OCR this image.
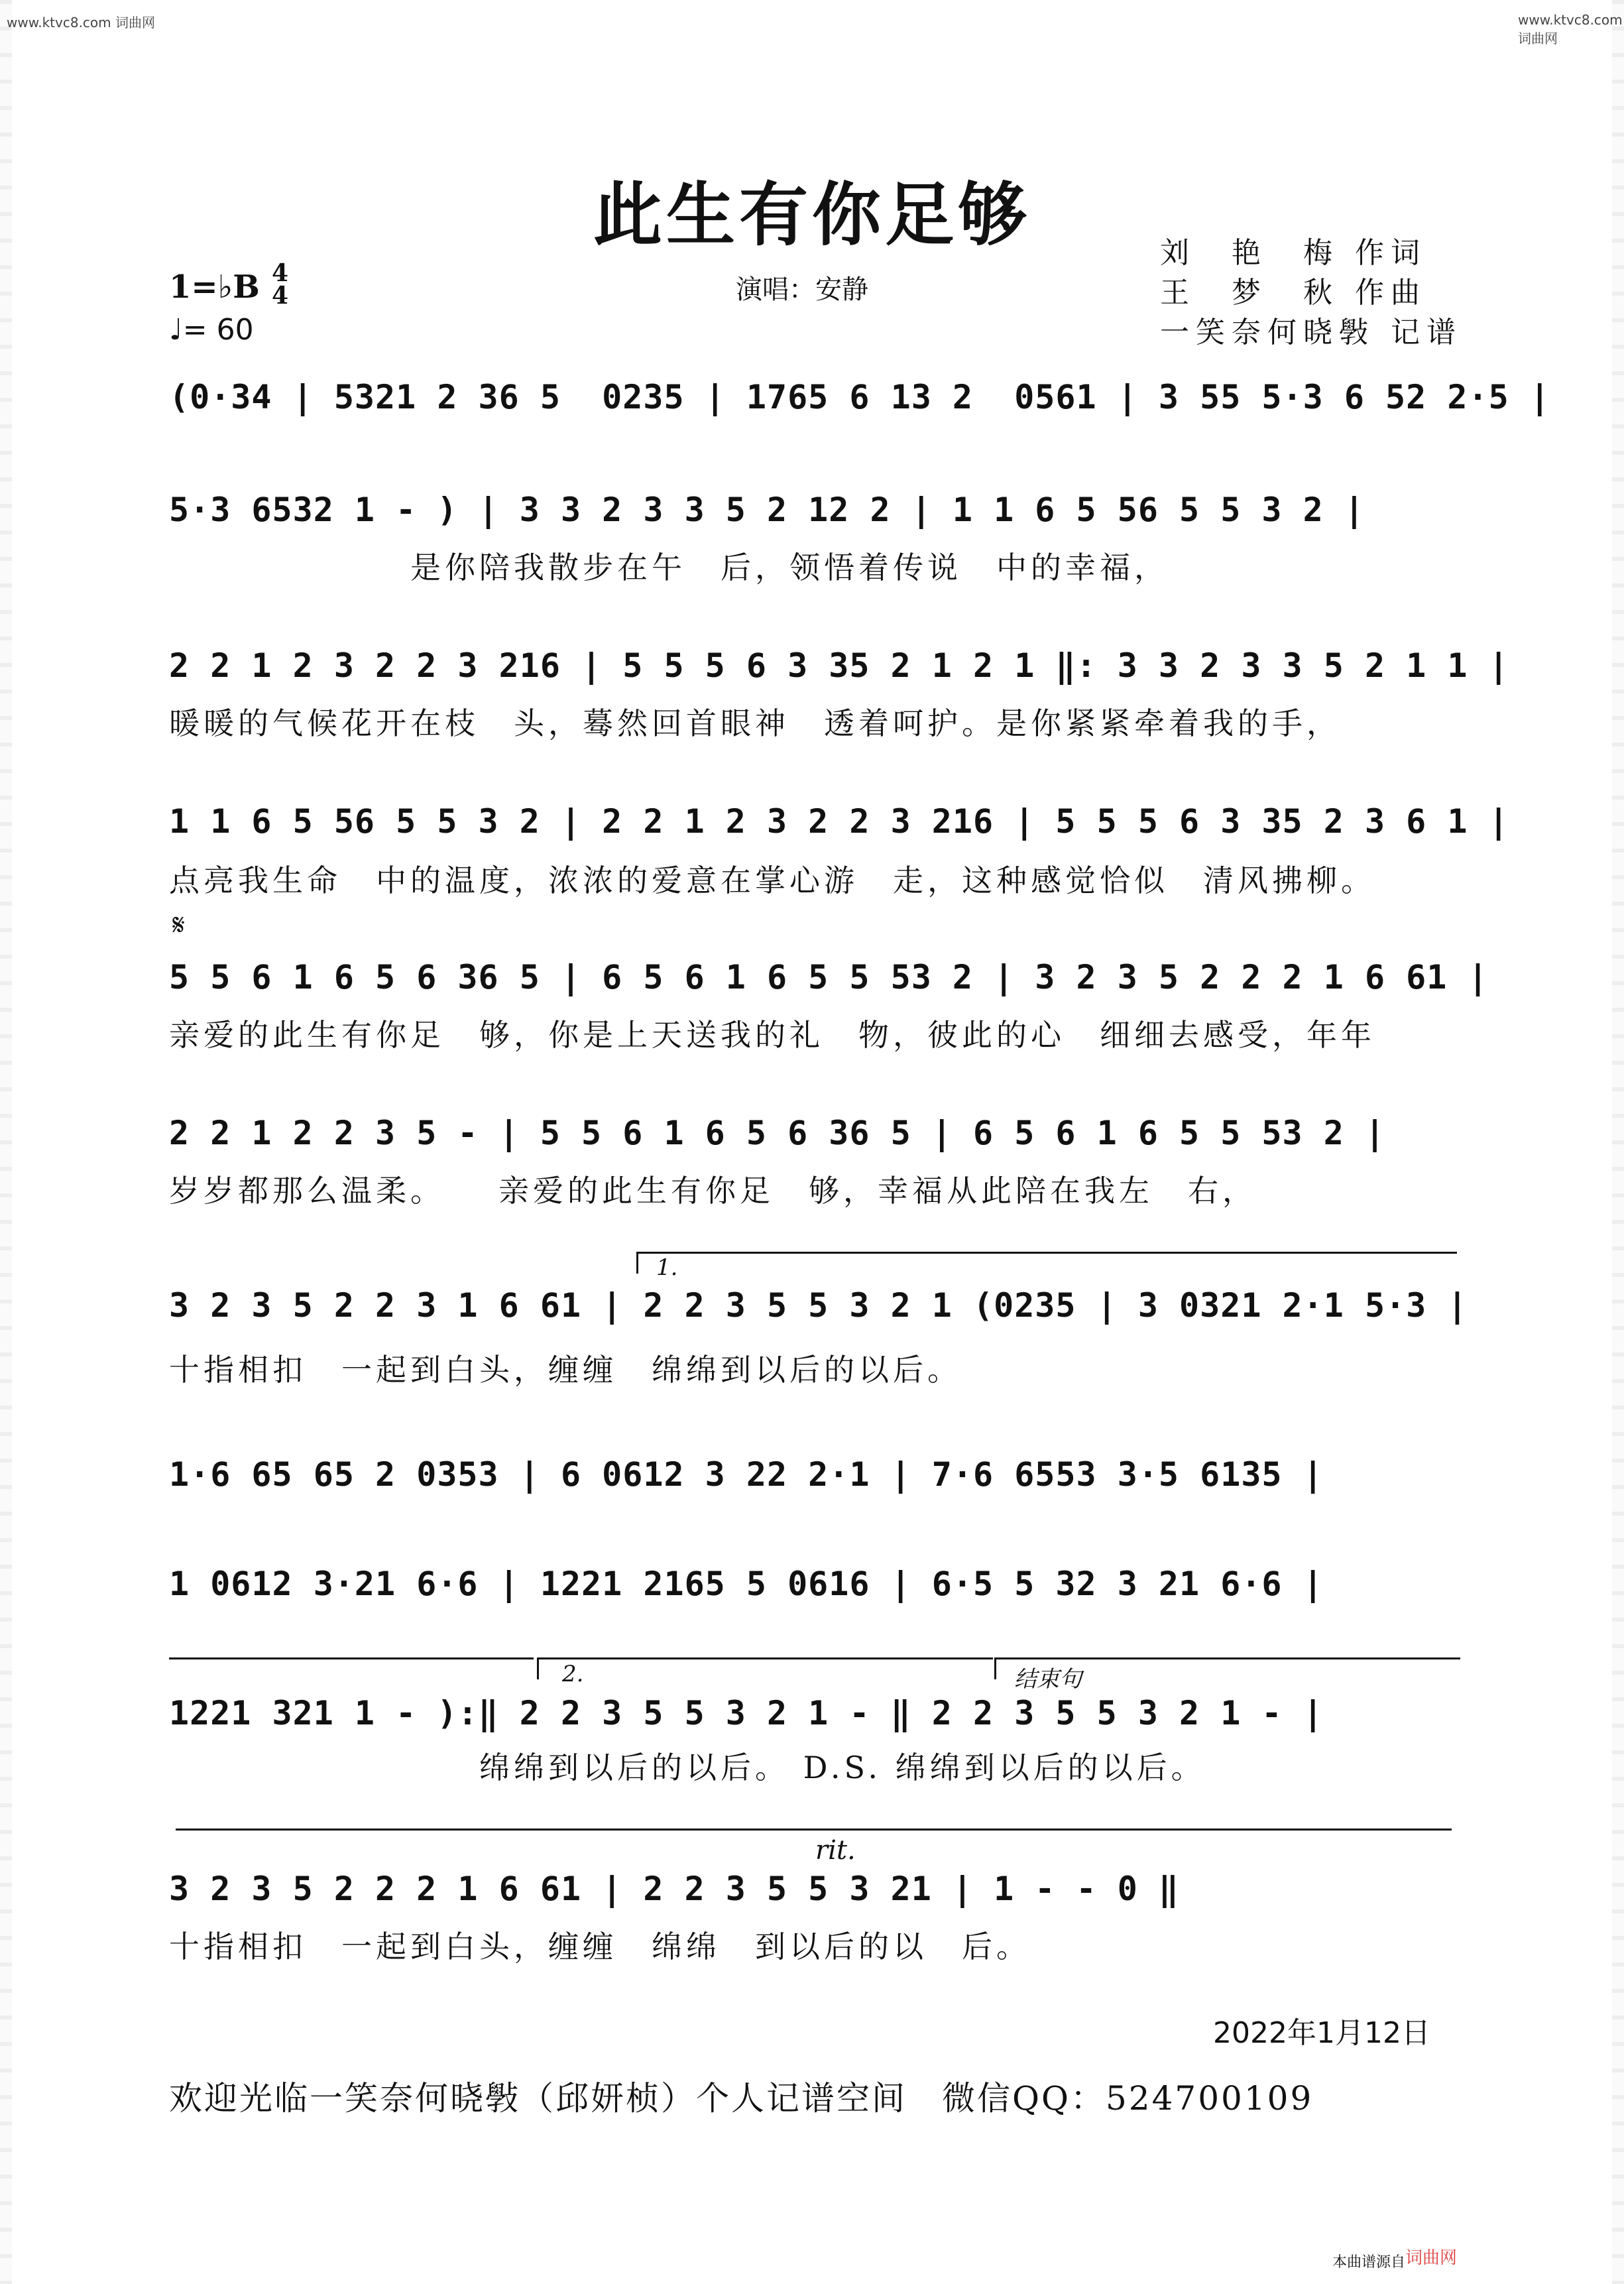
www.ktvc8.com 词曲网	www.ktvc8.com 词曲网
此生有你足够	刘　艳　梅 作词
王　梦　秋 作曲
一笑奈何晓斅 记谱
1=♭B 4
4
♩= 60
演唱：安静
(0·34 | 5321 2 36 5  0235 | 1765 6 13 2  0561 | 3 55 5·3 6 52 2·5 |
5·3 6532 1 - ) | 3 3 2 3 3 5 2 12 2 | 1 1 6 5 56 5 5 3 2 |
　　　　　　　是你陪我散步在午　后，领悟着传说　中的幸福，
2 2 1 2 3 2 2 3 216 | 5 5 5 6 3 35 2 1 2 1 ‖: 3 3 2 3 3 5 2 1 1 |
暖暖的气候花开在枝　头，蓦然回首眼神　透着呵护。是你紧紧牵着我的手，
1 1 6 5 56 5 5 3 2 | 2 2 1 2 3 2 2 3 216 | 5 5 5 6 3 35 2 3 6 1 |
点亮我生命　中的温度，浓浓的爱意在掌心游　走，这种感觉恰似　清风拂柳。
𝄋
5 5 6 1 6 5 6 36 5 | 6 5 6 1 6 5 5 53 2 | 3 2 3 5 2 2 2 1 6 61 |
亲爱的此生有你足　够，你是上天送我的礼　物，彼此的心　细细去感受，年年
2 2 1 2 2 3 5 - | 5 5 6 1 6 5 6 36 5 | 6 5 6 1 6 5 5 53 2 |
岁岁都那么温柔。　　亲爱的此生有你足　够，幸福从此陪在我左　右，
1.
3 2 3 5 2 2 3 1 6 61 | 2 2 3 5 5 3 2 1 (0235 | 3 0321 2·1 5·3 |
十指相扣　一起到白头，缠缠　绵绵到以后的以后。
1·6 65 65 2 0353 | 6 0612 3 22 2·1 | 7·6 6553 3·5 6135 |
1 0612 3·21 6·6 | 1221 2165 5 0616 | 6·5 5 32 3 21 6·6 |
2.	结束句
1221 321 1 - ):‖ 2 2 3 5 5 3 2 1 - ‖ 2 2 3 5 5 3 2 1 - |
　　　　　　　　　绵绵到以后的以后。 D.S. 绵绵到以后的以后。
rit.
3 2 3 5 2 2 2 1 6 61 | 2 2 3 5 5 3 21 | 1 - - 0 ‖
十指相扣　一起到白头，缠缠　绵绵　到以后的以　后。
2022年1月12日
欢迎光临一笑奈何晓斅（邱妍桢）个人记谱空间　微信QQ：524700109
本曲谱源自 词曲网
